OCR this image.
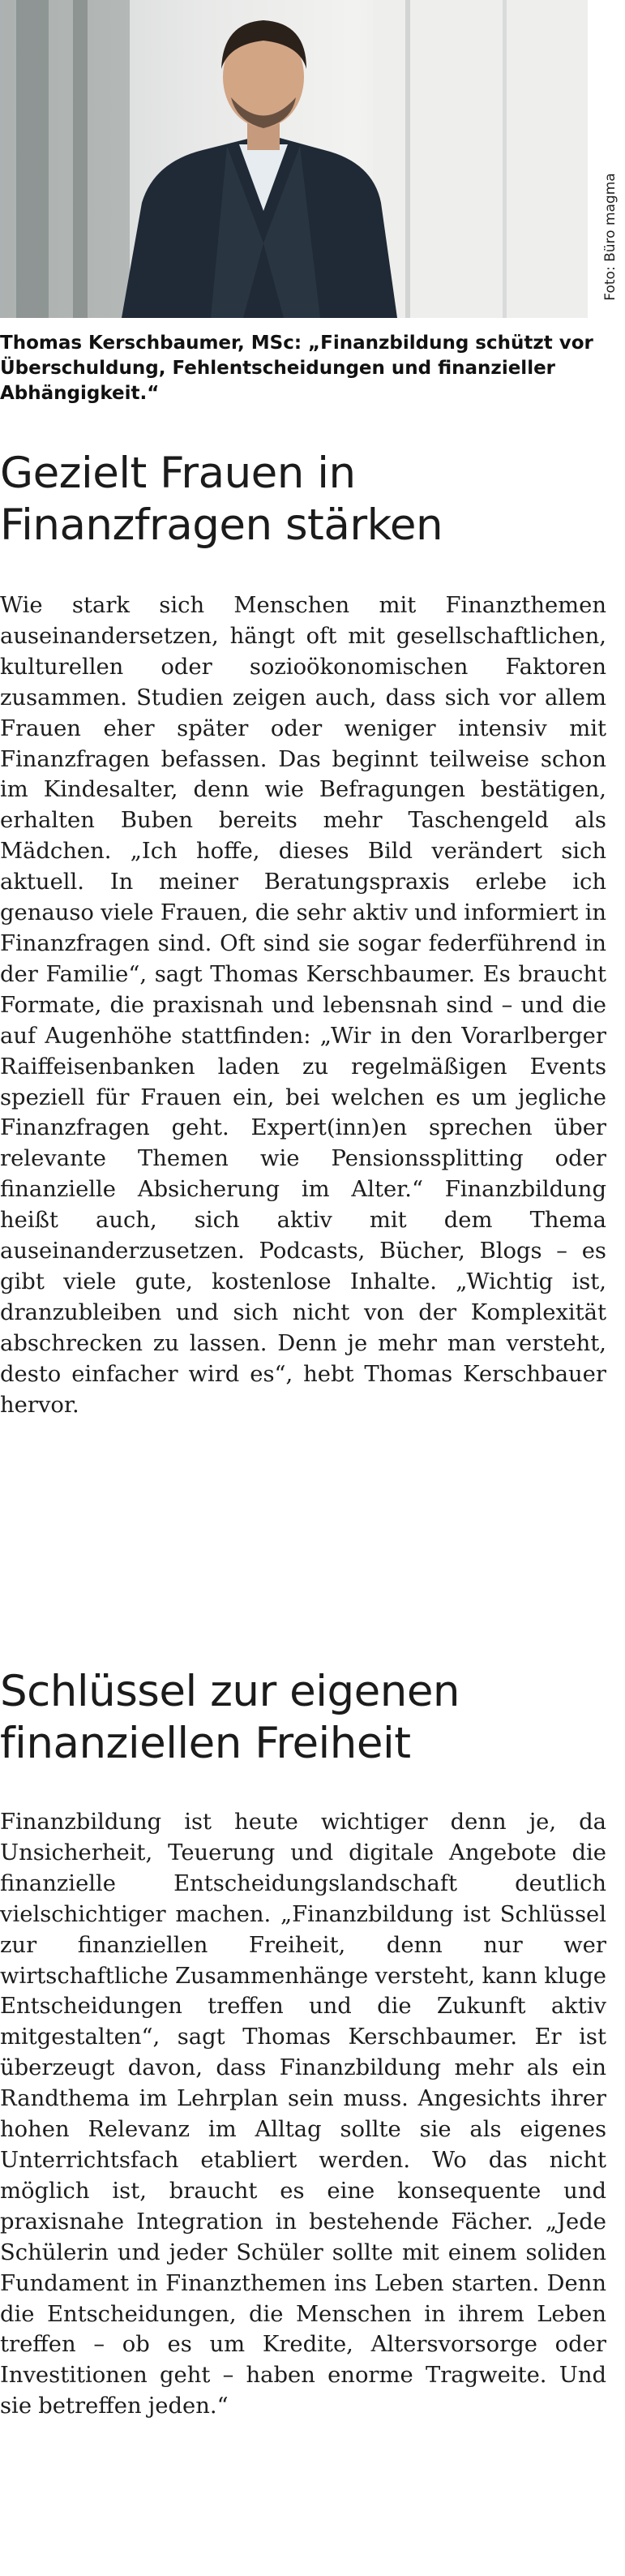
Foto: Büro magma
Thomas Kerschbaumer, MSc: „Finanzbildung schützt vor Überschuldung, Fehlentscheidungen und finanzieller Abhängigkeit.“
Gezielt Frauen in Finanzfragen stärken
Wie stark sich Menschen mit Finanzthemen auseinandersetzen, hängt oft mit gesellschaftlichen, kulturellen oder sozioökonomischen Faktoren zusammen. Studien zeigen auch, dass sich vor allem Frauen eher später oder weniger intensiv mit Finanzfragen befassen. Das beginnt teilweise schon im Kindesalter, denn wie Befragungen bestätigen, erhalten Buben bereits mehr Taschengeld als Mädchen. „Ich hoffe, dieses Bild verändert sich aktuell. In meiner Beratungspraxis erlebe ich genauso viele Frauen, die sehr aktiv und informiert in Finanzfragen sind. Oft sind sie sogar federführend in der Familie“, sagt Thomas Kerschbaumer. Es braucht Formate, die praxisnah und lebensnah sind – und die auf Augenhöhe stattfinden: „Wir in den Vorarlberger Raiffeisenbanken laden zu regelmäßigen Events speziell für Frauen ein, bei welchen es um jegliche Finanzfragen geht. Expert(inn)en sprechen über relevante Themen wie Pensionssplitting oder finanzielle Absicherung im Alter.“ Finanzbildung heißt auch, sich aktiv mit dem Thema auseinanderzusetzen. Podcasts, Bücher, Blogs – es gibt viele gute, kostenlose Inhalte. „Wichtig ist, dranzubleiben und sich nicht von der Komplexität abschrecken zu lassen. Denn je mehr man versteht, desto einfacher wird es“, hebt Thomas Kerschbauer hervor.
Schlüssel zur eigenen finanziellen Freiheit
Finanzbildung ist heute wichtiger denn je, da Unsicherheit, Teuerung und digitale Angebote die finanzielle Entscheidungslandschaft deutlich vielschichtiger machen. „Finanzbildung ist Schlüssel zur finanziellen Freiheit, denn nur wer wirtschaftliche Zusammenhänge versteht, kann kluge Entscheidungen treffen und die Zukunft aktiv mitgestalten“, sagt Thomas Kerschbaumer. Er ist überzeugt davon, dass Finanzbildung mehr als ein Randthema im Lehrplan sein muss. Angesichts ihrer hohen Relevanz im Alltag sollte sie als eigenes Unterrichtsfach etabliert werden. Wo das nicht möglich ist, braucht es eine konsequente und praxisnahe Integration in bestehende Fächer. „Jede Schülerin und jeder Schüler sollte mit einem soliden Fundament in Finanzthemen ins Leben starten. Denn die Entscheidungen, die Menschen in ihrem Leben treffen – ob es um Kredite, Altersvorsorge oder Investitionen geht – haben enorme Tragweite. Und sie betreffen jeden.“
